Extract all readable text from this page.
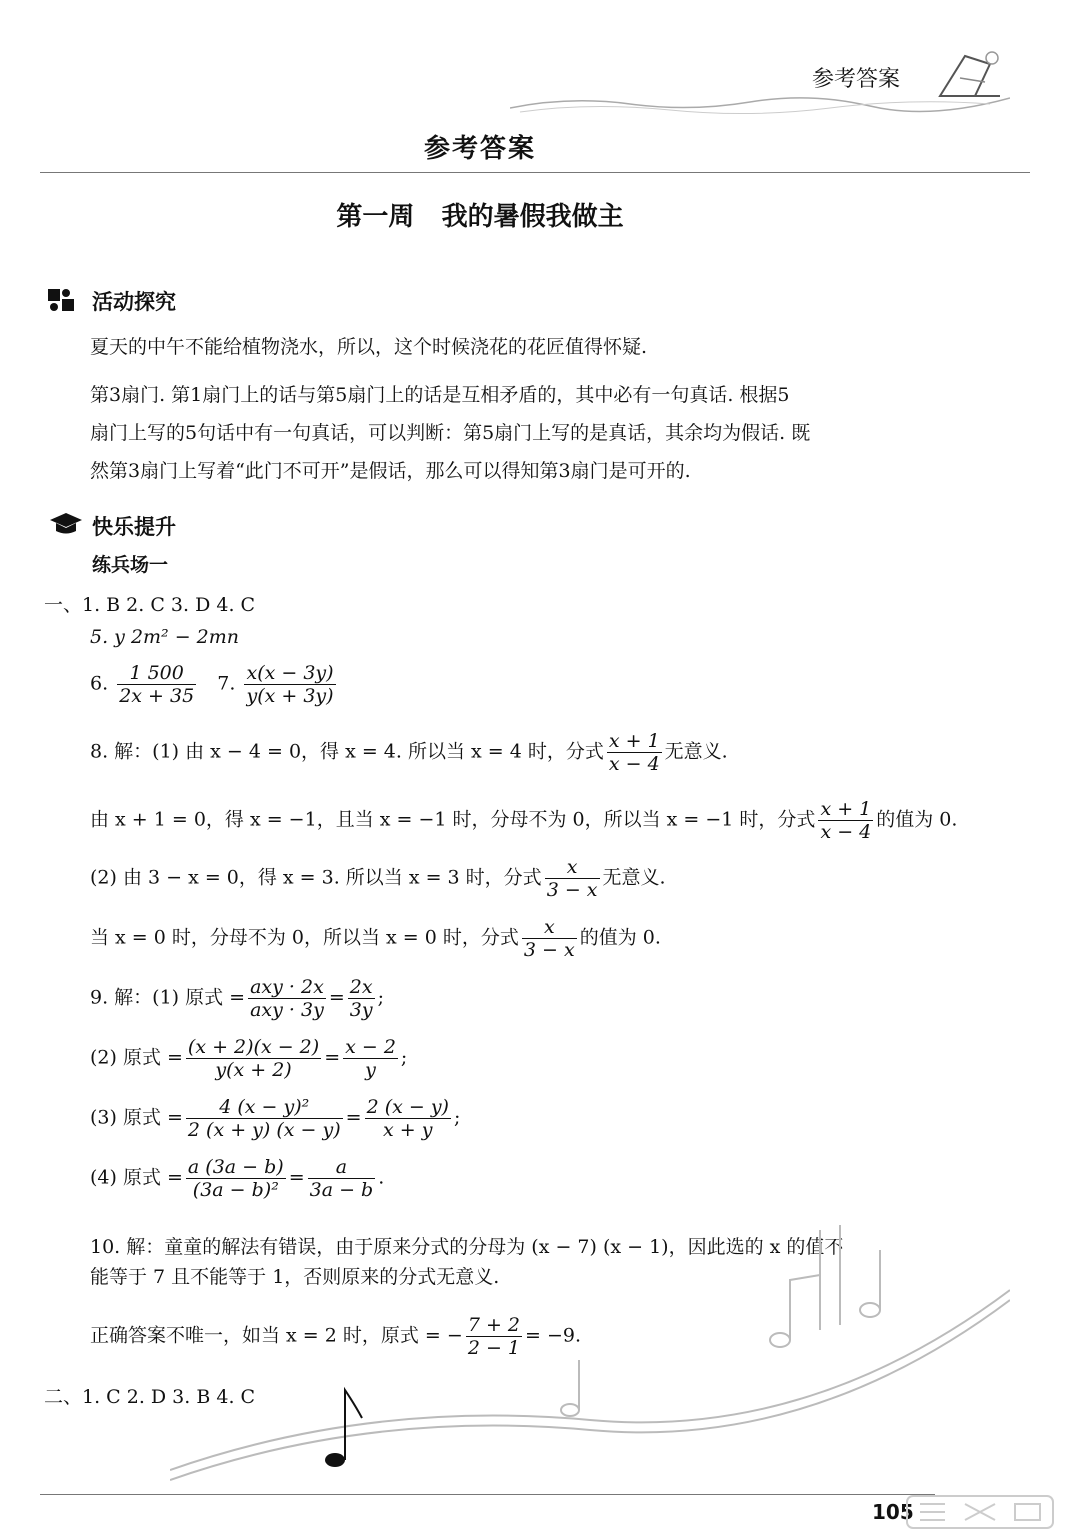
参考答案
参考答案
第一周   我的暑假我做主
活动探究
夏天的中午不能给植物浇水，所以，这个时候浇花的花匠值得怀疑.
第3扇门. 第1扇门上的话与第5扇门上的话是互相矛盾的，其中必有一句真话. 根据5
扇门上写的5句话中有一句真话，可以判断：第5扇门上写的是真话，其余均为假话. 既
然第3扇门上写着“此门不可开”是假话，那么可以得知第3扇门是可开的.
快乐提升
练兵场一
一、1. B 2. C 3. D 4. C
5. y 2m² − 2mn
6. $\frac{1 500}{2x + 35} 7$. $\frac{x(x - 3y)}{y(x + 3y)}$
8. 解：(1) 由 x − 4 = 0，得 x = 4. 所以当 x = 4 时，分式 $\frac{x + 1}{x - 4}$ 无意义.
由 x + 1 = 0，得 x = −1，且当 x = −1 时，分母不为 0，所以当 x = −1 时，分式 $\frac{x + 1}{x - 4}$ 的值为 0.
(2) 由 3 − x = 0，得 x = 3. 所以当 x = 3 时，分式 $\frac{x}{3 - x}$ 无意义.
当 x = 0 时，分母不为 0，所以当 x = 0 时，分式 $\frac{x}{3 - x}$ 的值为 0.
9. 解：(1) 原式 = $\frac{\text{axy · 2x}}{\text{axy · 3y}} = \frac{2x}{3y}$ ;
(2) 原式 = $\frac{(x + 2)(x - 2)}{y(x + 2)} = \frac{x - 2}{y}$ ;
(3) 原式 = $\frac{\text{4 (x − y)²}}{2 (x + y) (x - y)} = \frac{2 (x - y)}{x + y}$ ;
(4) 原式 = $\frac{a (3a - b)}{\text{(3a − b)²}} = \frac{a}{3a - b}$ .
10. 解：童童的解法有错误，由于原来分式的分母为 (x − 7) (x − 1)，因此选的 x 的值不
能等于 7 且不能等于 1，否则原来的分式无意义.
正确答案不唯一，如当 x = 2 时，原式 = − $\frac{7 + 2}{2 - 1} = -9$.
二、1. C 2. D 3. B 4. C
105
